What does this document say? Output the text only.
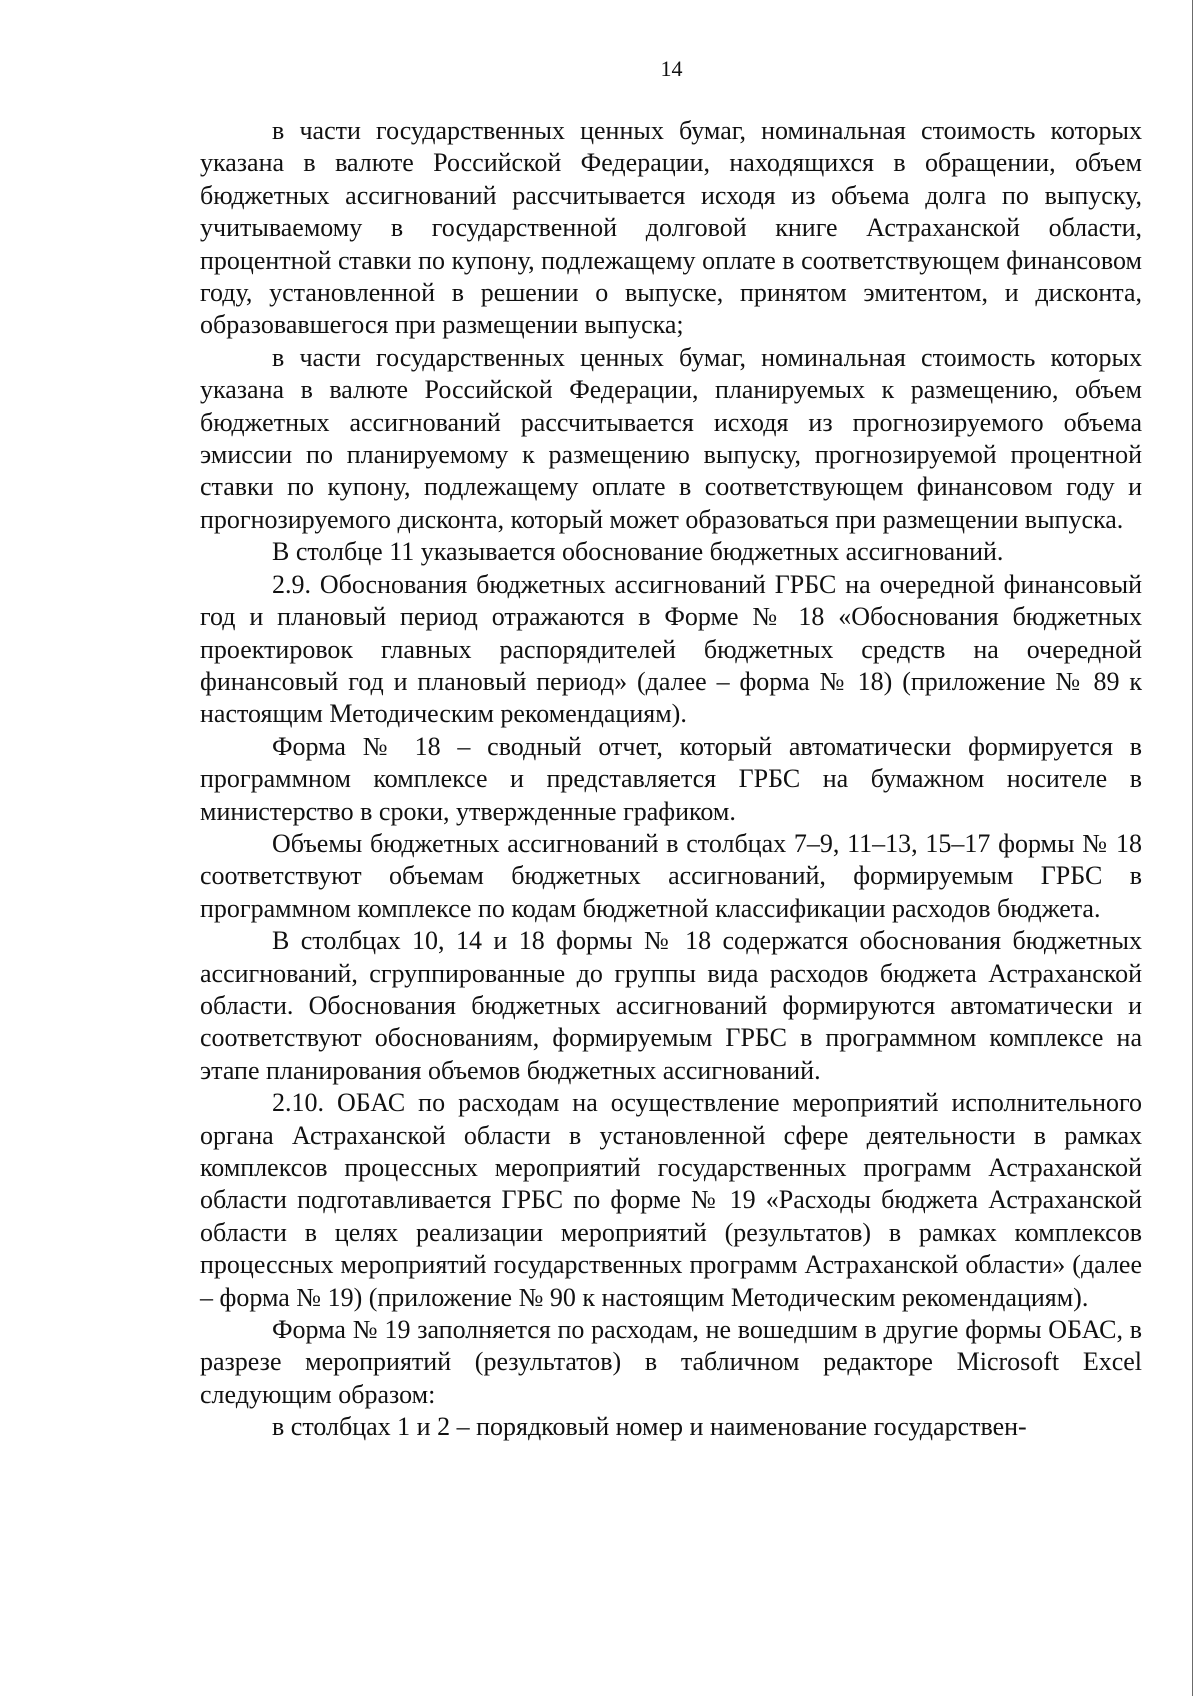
14

в части государственных ценных бумаг, номинальная стоимость которых указана в валюте Российской Федерации, находящихся в обращении, объем бюджетных ассигнований рассчитывается исходя из объема долга по выпуску, учитываемому в государственной долговой книге Астраханской области, процентной ставки по купону, подлежащему оплате в соответствующем финансовом году, установленной в решении о выпуске, принятом эмитентом, и дисконта, образовавшегося при размещении выпуска;

в части государственных ценных бумаг, номинальная стоимость которых указана в валюте Российской Федерации, планируемых к размещению, объем бюджетных ассигнований рассчитывается исходя из прогнозируемого объема эмиссии по планируемому к размещению выпуску, прогнозируемой процентной ставки по купону, подлежащему оплате в соответствующем финансовом году и прогнозируемого дисконта, который может образоваться при размещении выпуска.

В столбце 11 указывается обоснование бюджетных ассигнований.

2.9. Обоснования бюджетных ассигнований ГРБС на очередной финансовый год и плановый период отражаются в Форме № 18 «Обоснования бюджетных проектировок главных распорядителей бюджетных средств на очередной финансовый год и плановый период» (далее – форма № 18) (приложение № 89 к настоящим Методическим рекомендациям).

Форма № 18 – сводный отчет, который автоматически формируется в программном комплексе и представляется ГРБС на бумажном носителе в министерство в сроки, утвержденные графиком.

Объемы бюджетных ассигнований в столбцах 7–9, 11–13, 15–17 формы № 18 соответствуют объемам бюджетных ассигнований, формируемым ГРБС в программном комплексе по кодам бюджетной классификации расходов бюджета.

В столбцах 10, 14 и 18 формы № 18 содержатся обоснования бюджетных ассигнований, сгруппированные до группы вида расходов бюджета Астраханской области. Обоснования бюджетных ассигнований формируются автоматически и соответствуют обоснованиям, формируемым ГРБС в программном комплексе на этапе планирования объемов бюджетных ассигнований.

2.10. ОБАС по расходам на осуществление мероприятий исполнительного органа Астраханской области в установленной сфере деятельности в рамках комплексов процессных мероприятий государственных программ Астраханской области подготавливается ГРБС по форме № 19 «Расходы бюджета Астраханской области в целях реализации мероприятий (результатов) в рамках комплексов процессных мероприятий государственных программ Астраханской области» (далее – форма № 19) (приложение № 90 к настоящим Методическим рекомендациям).

Форма № 19 заполняется по расходам, не вошедшим в другие формы ОБАС, в разрезе мероприятий (результатов) в табличном редакторе Microsoft Excel следующим образом:

в столбцах 1 и 2 – порядковый номер и наименование государствен-
